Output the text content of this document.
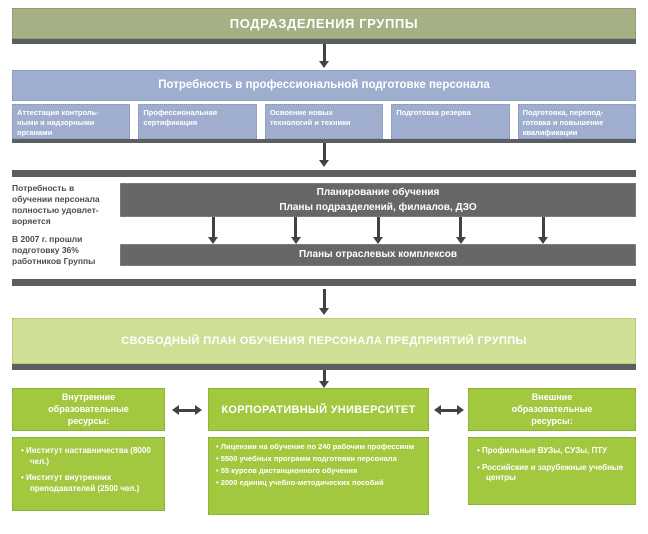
ПОДРАЗДЕЛЕНИЯ ГРУППЫ
Потребность в профессиональной подготовке персонала
Аттестация контроль-
ными и надзорными
органами
Профессиональная
сертификация
Освоение новых
технологий и техники
Подготовка резерва	Подготовка, перепод-
готовка и повышение
квалификации

Потребность в
обучении персонала
полностью удовлет-
воряется

В 2007 г. прошли
подготовку 36%
работников Группы

Планирование обучения
Планы подразделений, филиалов, ДЗО
Планы отраслевых комплексов
СВОБОДНЫЙ ПЛАН ОБУЧЕНИЯ ПЕРСОНАЛА ПРЕДПРИЯТИЙ ГРУППЫ
Внутренние
образовательные
ресурсы:
• Институт наставничества (8000 чел.)
• Институт внутренних преподавателей (2500 чел.)
КОРПОРАТИВНЫЙ УНИВЕРСИТЕТ
• Лицензии на обучение по 240 рабочим профессиям
• 5500 учебных программ подготовки персонала
• 55 курсов дистанционного обучения
• 2000 единиц учебно-методических пособий
Внешние
образовательные
ресурсы:
• Профильные ВУЗы, СУЗы, ПТУ
• Российские и зарубежные учебные центры
